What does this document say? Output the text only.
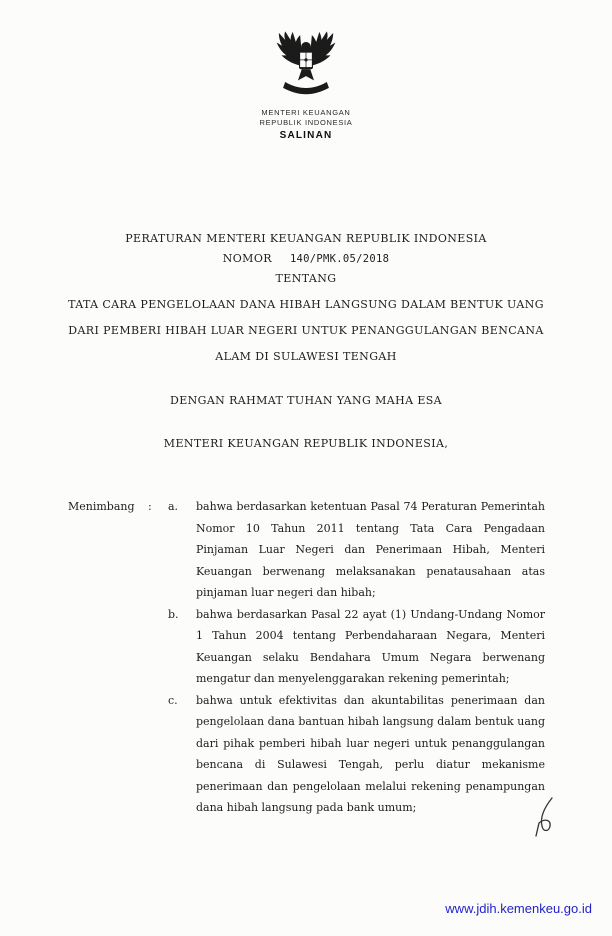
MENTERI KEUANGAN
REPUBLIK INDONESIA
SALINAN
PERATURAN MENTERI KEUANGAN REPUBLIK INDONESIA
NOMOR 140/PMK.05/2018
TENTANG
TATA CARA PENGELOLAAN DANA HIBAH LANGSUNG DALAM BENTUK UANG DARI PEMBERI HIBAH LUAR NEGERI UNTUK PENANGGULANGAN BENCANA ALAM DI SULAWESI TENGAH
DENGAN RAHMAT TUHAN YANG MAHA ESA
MENTERI KEUANGAN REPUBLIK INDONESIA,
Menimbang	:	a.	bahwa berdasarkan ketentuan Pasal 74 Peraturan Pemerintah Nomor 10 Tahun 2011 tentang Tata Cara Pengadaan Pinjaman Luar Negeri dan Penerimaan Hibah, Menteri Keuangan berwenang melaksanakan penatausahaan atas pinjaman luar negeri dan hibah;

b.	bahwa berdasarkan Pasal 22 ayat (1) Undang-Undang Nomor 1 Tahun 2004 tentang Perbendaharaan Negara, Menteri Keuangan selaku Bendahara Umum Negara berwenang mengatur dan menyelenggarakan rekening pemerintah;

c.	bahwa untuk efektivitas dan akuntabilitas penerimaan dan pengelolaan dana bantuan hibah langsung dalam bentuk uang dari pihak pemberi hibah luar negeri untuk penanggulangan bencana di Sulawesi Tengah, perlu diatur mekanisme penerimaan dan pengelolaan melalui rekening penampungan dana hibah langsung pada bank umum;

www.jdih.kemenkeu.go.id
